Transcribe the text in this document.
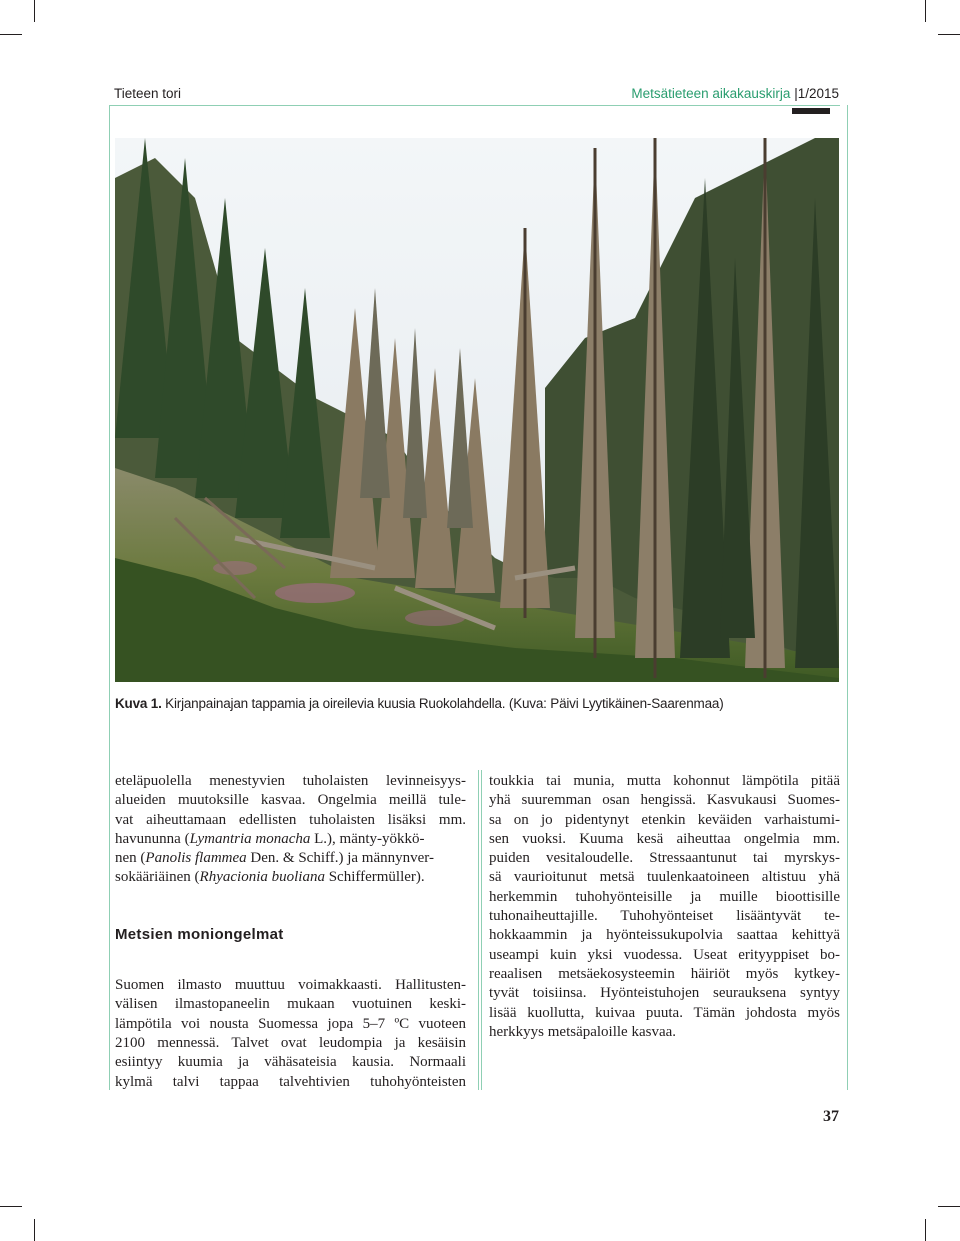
Tieteen tori	Metsätieteen aikakauskirja |1/2015
Kuva 1. Kirjanpainajan tappamia ja oireilevia kuusia Ruokolahdella. (Kuva: Päivi Lyytikäinen-Saarenmaa)
eteläpuolella menestyvien tuholaisten levinneisyys-
alueiden muutoksille kasvaa. Ongelmia meillä tule-
vat aiheuttamaan edellisten tuholaisten lisäksi mm.
havununna (Lymantria monacha L.), mänty-yökkö-
nen (Panolis flammea Den. & Schiff.) ja männynver-
sokääriäinen (Rhyacionia buoliana Schiffermüller).
Metsien moniongelmat
Suomen ilmasto muuttuu voimakkaasti. Hallitusten-
välisen ilmastopaneelin mukaan vuotuinen keski-
lämpötila voi nousta Suomessa jopa 5–7 ºC vuoteen
2100 mennessä. Talvet ovat leudompia ja kesäisin
esiintyy kuumia ja vähäsateisia kausia. Normaali
kylmä talvi tappaa talvehtivien tuhohyönteisten
toukkia tai munia, mutta kohonnut lämpötila pitää
yhä suuremman osan hengissä. Kasvukausi Suomes-
sa on jo pidentynyt etenkin keväiden varhaistumi-
sen vuoksi. Kuuma kesä aiheuttaa ongelmia mm.
puiden vesitaloudelle. Stressaantunut tai myrskys-
sä vaurioitunut metsä tuulenkaatoineen altistuu yhä
herkemmin tuhohyönteisille ja muille bioottisille
tuhonaiheuttajille. Tuhohyönteiset lisääntyvät te-
hokkaammin ja hyönteissukupolvia saattaa kehittyä
useampi kuin yksi vuodessa. Useat erityyppiset bo-
reaalisen metsäekosysteemin häiriöt myös kytkey-
tyvät toisiinsa. Hyönteistuhojen seurauksena syntyy
lisää kuollutta, kuivaa puuta. Tämän johdosta myös
herkkyys metsäpaloille kasvaa.
37
